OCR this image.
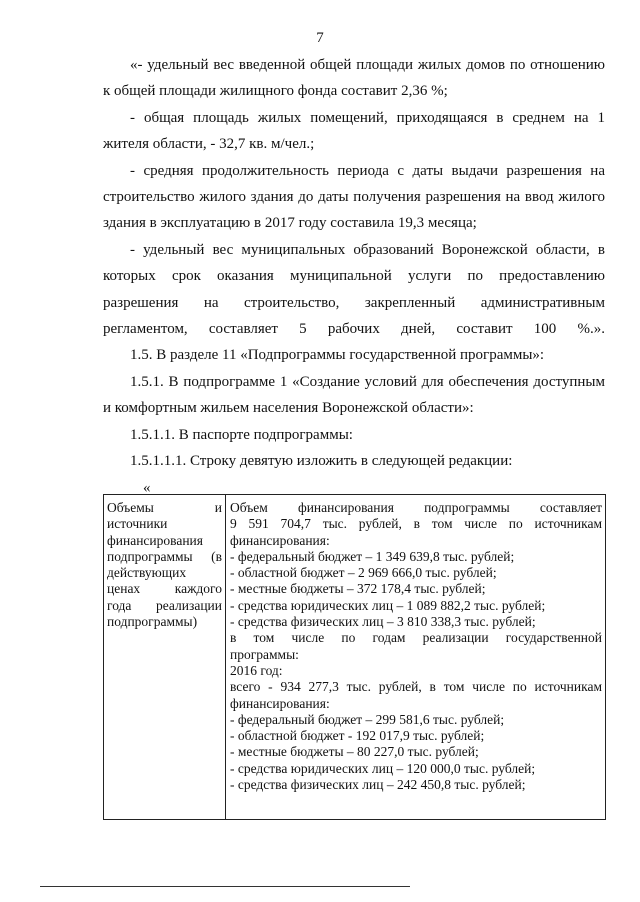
7

«- удельный вес введенной общей площади жилых домов по отношению к общей площади жилищного фонда составит 2,36 %;

- общая площадь жилых помещений, приходящаяся в среднем на 1 жителя области, - 32,7 кв. м/чел.;

- средняя продолжительность периода с даты выдачи разрешения на строительство жилого здания до даты получения разрешения на ввод жилого здания в эксплуатацию в 2017 году составила 19,3 месяца;

- удельный вес муниципальных образований Воронежской области, в которых срок оказания муниципальной услуги по предоставлению разрешения на строительство, закрепленный административным регламентом, составляет 5 рабочих дней, составит 100 %.».

1.5. В разделе 11 «Подпрограммы государственной программы»:

1.5.1. В подпрограмме 1 «Создание условий для обеспечения доступным и комфортным жильем населения Воронежской области»:

1.5.1.1. В паспорте подпрограммы:

1.5.1.1.1. Строку девятую изложить в следующей редакции:

«

Объемы и

источники

финансирования

подпрограммы (в

действующих

ценах каждого

года реализации

подпрограммы)

Объем финансирования подпрограммы составляет

9 591 704,7 тыс. рублей, в том числе по источникам

финансирования:

- федеральный бюджет – 1 349 639,8 тыс. рублей;

- областной бюджет – 2 969 666,0 тыс. рублей;

- местные бюджеты – 372 178,4 тыс. рублей;

- средства юридических лиц – 1 089 882,2 тыс. рублей;

- средства физических лиц – 3 810 338,3 тыс. рублей;

в том числе по годам реализации государственной

программы:

2016 год:

всего - 934 277,3 тыс. рублей, в том числе по источникам

финансирования:

- федеральный бюджет – 299 581,6 тыс. рублей;

- областной бюджет - 192 017,9 тыс. рублей;

- местные бюджеты – 80 227,0 тыс. рублей;

- средства юридических лиц – 120 000,0 тыс. рублей;

- средства физических лиц – 242 450,8 тыс. рублей;
